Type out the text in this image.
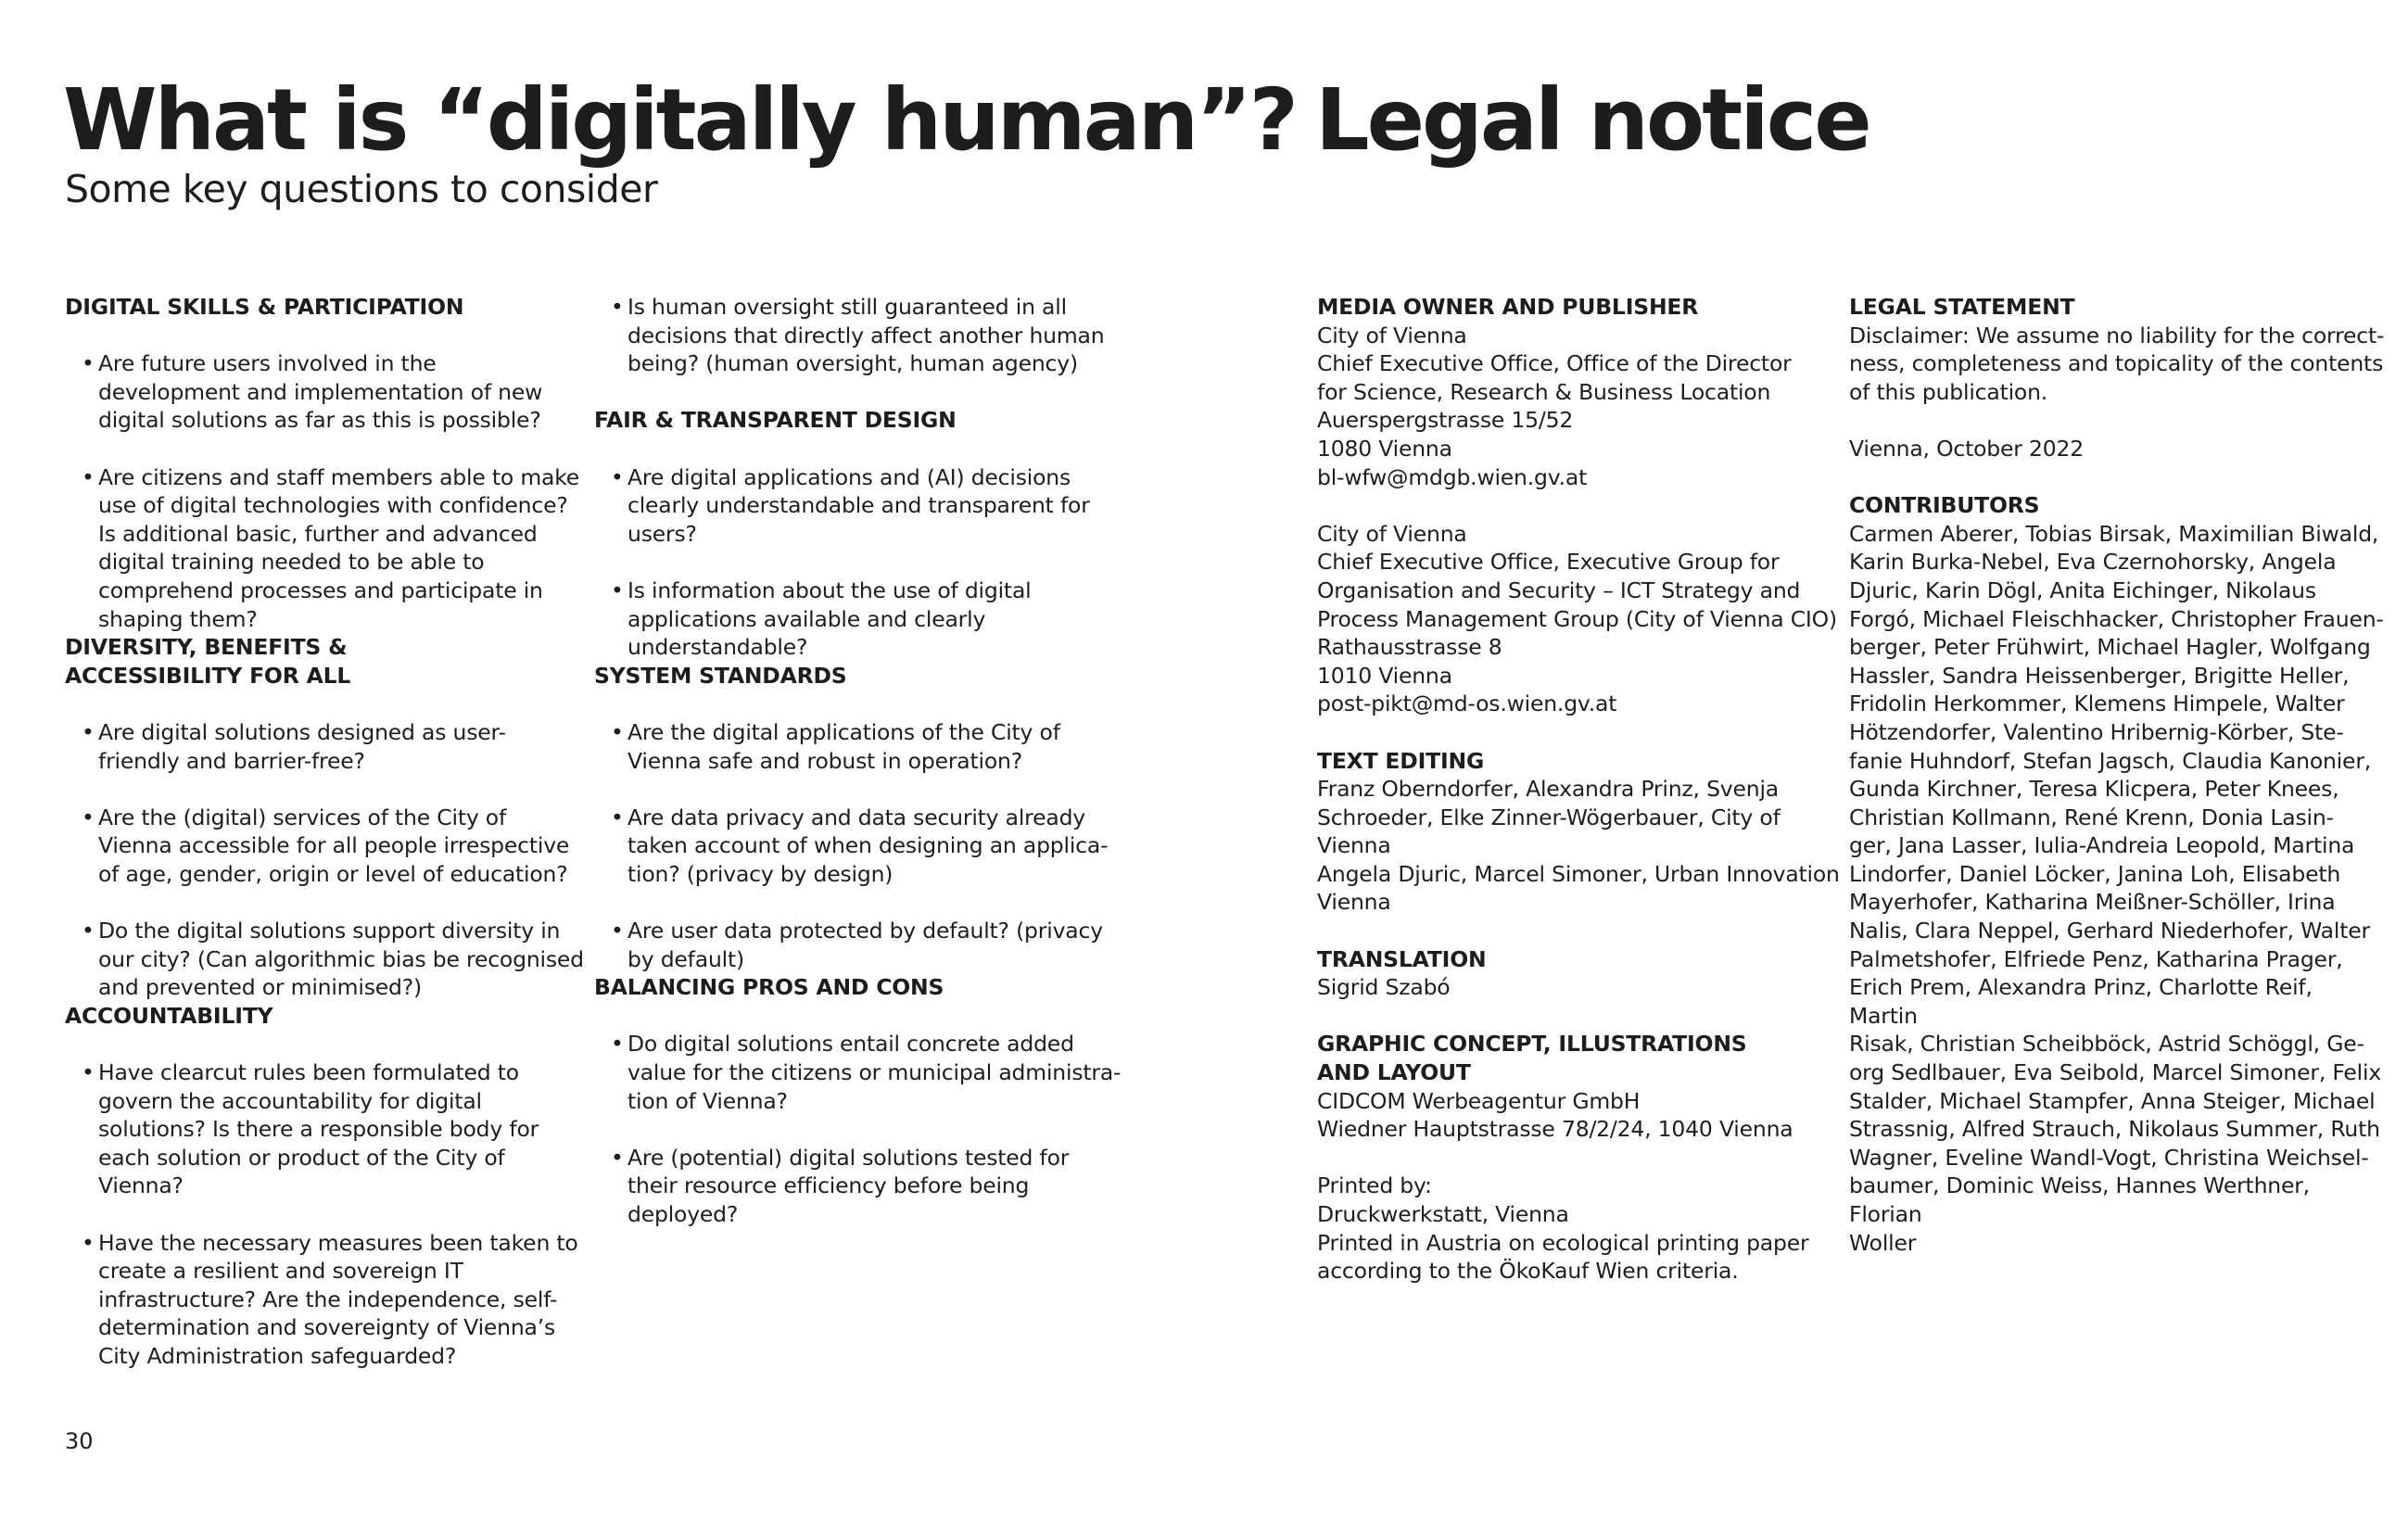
What is “digitally human”?
Some key questions to consider
DIGITAL SKILLS & PARTICIPATION
• Are future users involved in the development and implementation of new digital solutions as far as this is possible?
• Are citizens and staff members able to make use of digital technologies with confidence? Is additional basic, further and advanced digital training needed to be able to comprehend processes and participate in shaping them?
DIVERSITY, BENEFITS & ACCESSIBILITY FOR ALL
• Are digital solutions designed as user-friendly and barrier-free?
• Are the (digital) services of the City of Vienna accessible for all people irrespective of age, gender, origin or level of education?
• Do the digital solutions support diversity in our city? (Can algorithmic bias be recognised and prevented or minimised?)
ACCOUNTABILITY
• Have clearcut rules been formulated to govern the accountability for digital solutions? Is there a responsible body for each solution or product of the City of Vienna?
• Have the necessary measures been taken to create a resilient and sovereign IT infrastructure? Are the independence, self-determination and sovereignty of Vienna’s City Administration safeguarded?
• Is human oversight still guaranteed in all decisions that directly affect another human being? (human oversight, human agency)
FAIR & TRANSPARENT DESIGN
• Are digital applications and (AI) decisions clearly understandable and transparent for users?
• Is information about the use of digital applications available and clearly understandable?
SYSTEM STANDARDS
• Are the digital applications of the City of Vienna safe and robust in operation?
• Are data privacy and data security already taken account of when designing an application? (privacy by design)
• Are user data protected by default? (privacy by default)
BALANCING PROS AND CONS
• Do digital solutions entail concrete added value for the citizens or municipal administration of Vienna?
• Are (potential) digital solutions tested for their resource efficiency before being deployed?
30
Legal notice
MEDIA OWNER AND PUBLISHER
City of Vienna
Chief Executive Office, Office of the Director
for Science, Research & Business Location
Auerspergstrasse 15/52
1080 Vienna
bl-wfw@mdgb.wien.gv.at
City of Vienna
Chief Executive Office, Executive Group for
Organisation and Security – ICT Strategy and
Process Management Group (City of Vienna CIO)
Rathausstrasse 8
1010 Vienna
post-pikt@md-os.wien.gv.at
TEXT EDITING
Franz Oberndorfer, Alexandra Prinz, Svenja
Schroeder, Elke Zinner-Wögerbauer, City of Vienna
Angela Djuric, Marcel Simoner, Urban Innovation
Vienna
TRANSLATION
Sigrid Szabó
GRAPHIC CONCEPT, ILLUSTRATIONS
AND LAYOUT
CIDCOM Werbeagentur GmbH
Wiedner Hauptstrasse 78/2/24, 1040 Vienna
Printed by:
Druckwerkstatt, Vienna
Printed in Austria on ecological printing paper
according to the ÖkoKauf Wien criteria.
LEGAL STATEMENT
Disclaimer: We assume no liability for the correct-
ness, completeness and topicality of the contents
of this publication.
Vienna, October 2022
CONTRIBUTORS
Carmen Aberer, Tobias Birsak, Maximilian Biwald,
Karin Burka-Nebel, Eva Czernohorsky, Angela
Djuric, Karin Dögl, Anita Eichinger, Nikolaus
Forgó, Michael Fleischhacker, Christopher Frauen-
berger, Peter Frühwirt, Michael Hagler, Wolfgang
Hassler, Sandra Heissenberger, Brigitte Heller,
Fridolin Herkommer, Klemens Himpele, Walter
Hötzendorfer, Valentino Hribernig-Körber, Ste-
fanie Huhndorf, Stefan Jagsch, Claudia Kanonier,
Gunda Kirchner, Teresa Klicpera, Peter Knees,
Christian Kollmann, René Krenn, Donia Lasin-
ger, Jana Lasser, Iulia-Andreia Leopold, Martina
Lindorfer, Daniel Löcker, Janina Loh, Elisabeth
Mayerhofer, Katharina Meißner-Schöller, Irina
Nalis, Clara Neppel, Gerhard Niederhofer, Walter
Palmetshofer, Elfriede Penz, Katharina Prager,
Erich Prem, Alexandra Prinz, Charlotte Reif, Martin
Risak, Christian Scheibböck, Astrid Schöggl, Ge-
org Sedlbauer, Eva Seibold, Marcel Simoner, Felix
Stalder, Michael Stampfer, Anna Steiger, Michael
Strassnig, Alfred Strauch, Nikolaus Summer, Ruth
Wagner, Eveline Wandl-Vogt, Christina Weichsel-
baumer, Dominic Weiss, Hannes Werthner, Florian
Woller
